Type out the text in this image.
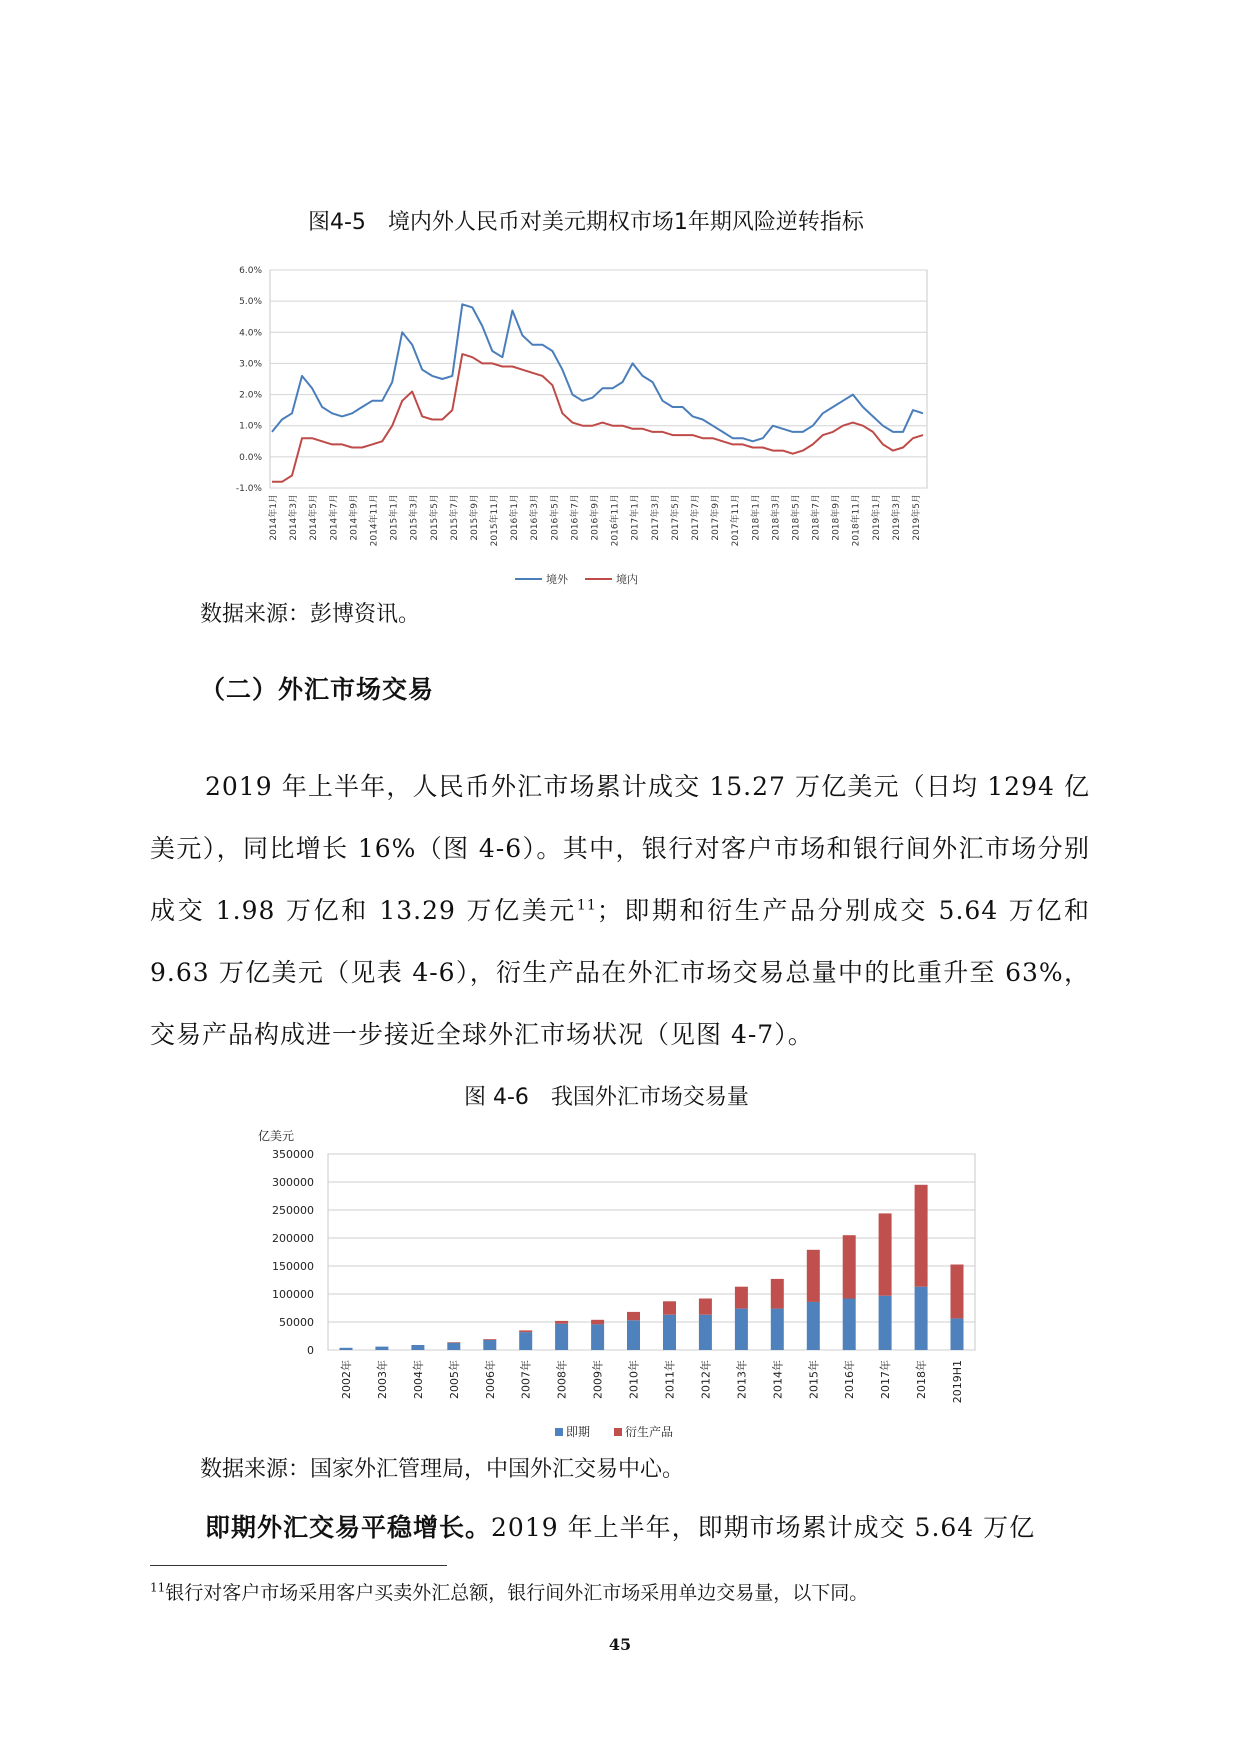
图4-5　境内外人民币对美元期权市场1年期风险逆转指标
6.0%
5.0%
4.0%
3.0%
2.0%
1.0%
0.0%
-1.0%
2014年1月 2014年3月 2014年5月 2014年7月 2014年9月 2014年11月 2015年1月 2015年3月 2015年5月 2015年7月 2015年9月 2015年11月 2016年1月 2016年3月 2016年5月 2016年7月 2016年9月 2016年11月 2017年1月 2017年3月 2017年5月 2017年7月 2017年9月 2017年11月 2018年1月 2018年3月 2018年5月 2018年7月 2018年9月 2018年11月 2019年1月 2019年3月 2019年5月
境外	境内
数据来源：彭博资讯。
（二）外汇市场交易

2019 年上半年，人民币外汇市场累计成交 15.27 万亿美元（日均 1294 亿美元），同比增长 16%（图 4-6）。其中，银行对客户市场和银行间外汇市场分别成交 1.98 万亿和 13.29 万亿美元$^{11}$；即期和衍生产品分别成交 5.64 万亿和 9.63 万亿美元（见表 4-6），衍生产品在外汇市场交易总量中的比重升至 63%，交易产品构成进一步接近全球外汇市场状况（见图 4-7）。

图 4-6　我国外汇市场交易量
亿美元
350000
300000
250000
200000
150000
100000
50000
0
2002年 2003年 2004年 2005年 2006年 2007年 2008年 2009年 2010年 2011年 2012年 2013年 2014年 2015年 2016年 2017年 2018年 2019H1
即期	衍生产品
数据来源：国家外汇管理局，中国外汇交易中心。

即期外汇交易平稳增长。2019 年上半年，即期市场累计成交 5.64 万亿

$^{11}$银行对客户市场采用客户买卖外汇总额，银行间外汇市场采用单边交易量，以下同。
45
